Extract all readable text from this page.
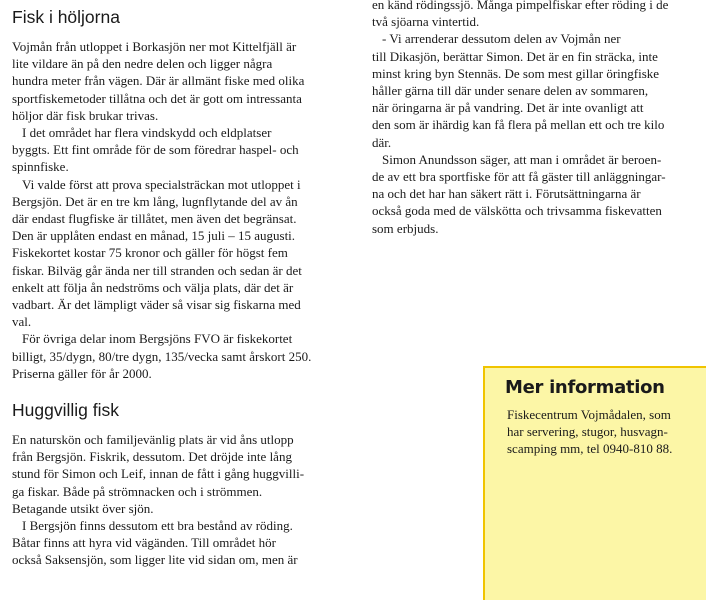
Fisk i höljorna
Vojmån från utloppet i Borkasjön ner mot Kittelfjäll är
lite vildare än på den nedre delen och ligger några
hundra meter från vägen. Där är allmänt fiske med olika
sportfiskemetoder tillåtna och det är gott om intressanta
höljor där fisk brukar trivas.
I det området har flera vindskydd och eldplatser
byggts. Ett fint område för de som föredrar haspel- och
spinnfiske.
Vi valde först att prova specialsträckan mot utloppet i
Bergsjön. Det är en tre km lång, lugnflytande del av ån
där endast flugfiske är tillåtet, men även det begränsat.
Den är upplåten endast en månad, 15 juli – 15 augusti.
Fiskekortet kostar 75 kronor och gäller för högst fem
fiskar. Bilväg går ända ner till stranden och sedan är det
enkelt att följa ån nedströms och välja plats, där det är
vadbart. Är det lämpligt väder så visar sig fiskarna med
val.
För övriga delar inom Bergsjöns FVO är fiskekortet
billigt, 35/dygn, 80/tre dygn, 135/vecka samt årskort 250.
Priserna gäller för år 2000.
Huggvillig fisk
En naturskön och familjevänlig plats är vid åns utlopp
från Bergsjön. Fiskrik, dessutom. Det dröjde inte lång
stund för Simon och Leif, innan de fått i gång huggvilli-
ga fiskar. Både på strömnacken och i strömmen.
Betagande utsikt över sjön.
I Bergsjön finns dessutom ett bra bestånd av röding.
Båtar finns att hyra vid vägänden. Till området hör
också Saksensjön, som ligger lite vid sidan om, men är
en känd rödingssjö. Många pimpelfiskar efter röding i de
två sjöarna vintertid.
- Vi arrenderar dessutom delen av Vojmån ner
till Dikasjön, berättar Simon. Det är en fin sträcka, inte
minst kring byn Stennäs. De som mest gillar öringfiske
håller gärna till där under senare delen av sommaren,
när öringarna är på vandring. Det är inte ovanligt att
den som är ihärdig kan få flera på mellan ett och tre kilo
där.
Simon Anundsson säger, att man i området är beroen-
de av ett bra sportfiske för att få gäster till anläggningar-
na och det har han säkert rätt i. Förutsättningarna är
också goda med de välskötta och trivsamma fiskevatten
som erbjuds.
Mer information
Fiskecentrum Vojmådalen, som
har servering, stugor, husvagn-
scamping mm, tel 0940-810 88.
